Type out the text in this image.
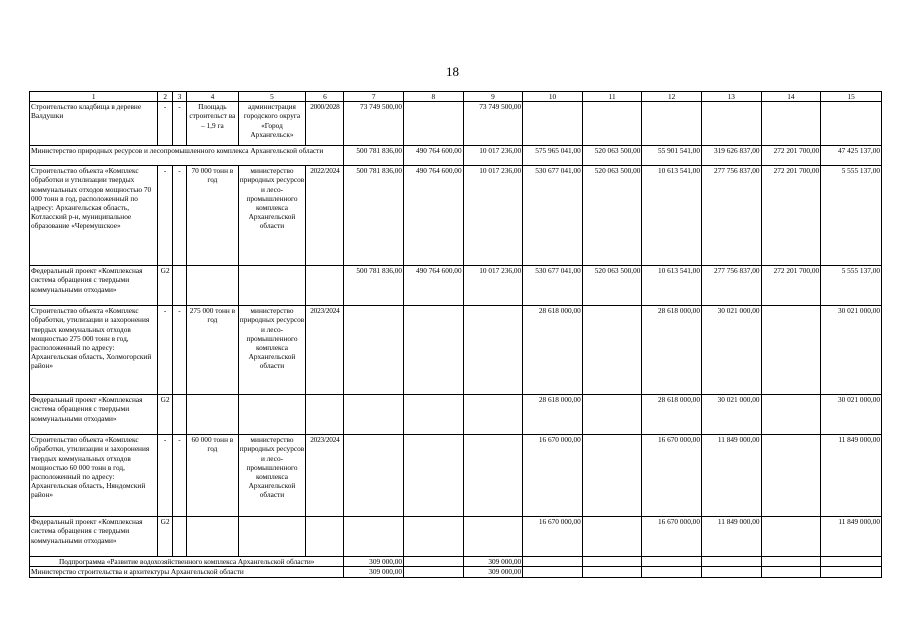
18
1	2	3	4	5	6	7	8	9	10	11	12	13	14	15
Строительство кладбища в деревне Валдушки	-	-	Площадь строительст ва – 1,9 га	администрация городского округа «Город Архангельск»	2000/2028	73 749 500,00		73 749 500,00						
Министерство природных ресурсов и лесопромышленного комплекса Архангельской области						500 781 836,00	490 764 600,00	10 017 236,00	575 965 041,00	520 063 500,00	55 901 541,00	319 626 837,00	272 201 700,00	47 425 137,00
Строительство объекта «Комплекс обработки и утилизации твердых коммунальных отходов мощностью 70 000 тонн в год, расположенный по адресу: Архангельская область, Котласский р-н, муниципальное образование «Черемушское»	-	-	70 000 тонн в год	министерство природных ресурсов и лесо-промышленного комплекса Архангельской области	2022/2024	500 781 836,00	490 764 600,00	10 017 236,00	530 677 041,00	520 063 500,00	10 613 541,00	277 756 837,00	272 201 700,00	5 555 137,00
Федеральный проект «Комплексная система обращения с твердыми коммунальными отходами»	G2					500 781 836,00	490 764 600,00	10 017 236,00	530 677 041,00	520 063 500,00	10 613 541,00	277 756 837,00	272 201 700,00	5 555 137,00
Строительство объекта «Комплекс обработки, утилизации и захоронения твердых коммунальных отходов мощностью 275 000 тонн в год, расположенный по адресу: Архангельская область, Холмогорский район»	-	-	275 000 тонн в год	министерство природных ресурсов и лесо-промышленного комплекса Архангельской области	2023/2024				28 618 000,00		28 618 000,00	30 021 000,00		30 021 000,00
Федеральный проект «Комплексная система обращения с твердыми коммунальными отходами»	G2								28 618 000,00		28 618 000,00	30 021 000,00		30 021 000,00
Строительство объекта «Комплекс обработки, утилизации и захоронения твердых коммунальных отходов мощностью 60 000 тонн в год, расположенный по адресу: Архангельская область, Няндомский район»	-	-	60 000 тонн в год	министерство природных ресурсов и лесо-промышленного комплекса Архангельской области	2023/2024				16 670 000,00		16 670 000,00	11 849 000,00		11 849 000,00
Федеральный проект «Комплексная система обращения с твердыми коммунальными отходами»	G2								16 670 000,00		16 670 000,00	11 849 000,00		11 849 000,00
Подпрограмма «Развитие водохозяйственного комплекса Архангельской области»						309 000,00		309 000,00						
Министерство строительства и архитектуры Архангельской области						309 000,00		309 000,00						
